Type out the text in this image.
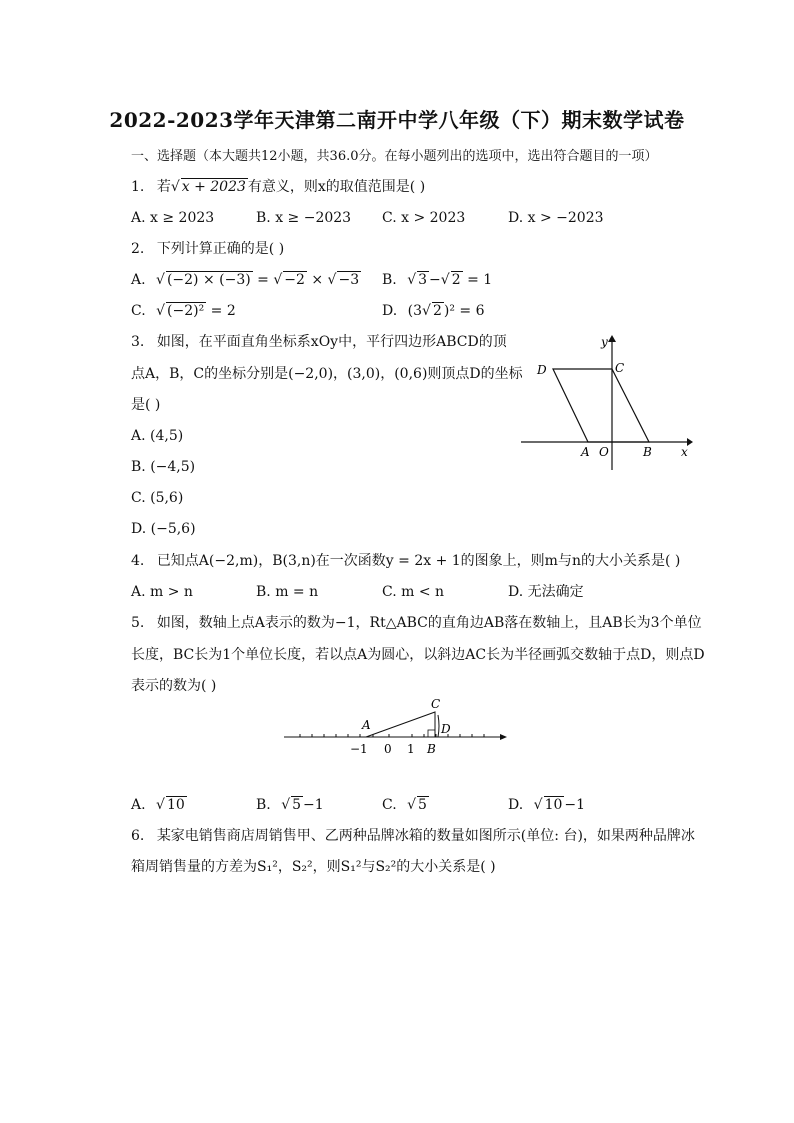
2022-2023学年天津第二南开中学八年级（下）期末数学试卷
一、选择题（本大题共12小题，共36.0分。在每小题列出的选项中，选出符合题目的一项）
1. 若√ x + 2023 有意义，则x的取值范围是( )
A. x ≥ 2023	B. x ≥ −2023 C. x > 2023	D. x > −2023
2. 下列计算正确的是( )
A. √ (−2) × (−3) = √ −2 × √ −3 B. √ 3 −√ 2 = 1
C. √ (−2)² = 2	D. (3√ 2 )² = 6
3. 如图，在平面直角坐标系xOy中，平行四边形ABCD的顶
点A，B，C的坐标分别是(−2,0)，(3,0)，(0,6)则顶点D的坐标
是( )
A. (4,5)
B. (−4,5)
C. (5,6)
D. (−5,6)
y
x
D	C
A O	B
4. 已知点A(−2,m)，B(3,n)在一次函数y = 2x + 1的图象上，则m与n的大小关系是( )
A. m > n	B. m = n	C. m < n	D. 无法确定
5. 如图，数轴上点A表示的数为−1，Rt△ABC的直角边AB落在数轴上，且AB长为3个单位
长度，BC长为1个单位长度，若以点A为圆心，以斜边AC长为半径画弧交数轴于点D，则点D
表示的数为( )
A
C
D
B
−1 0 1
A. √ 10	B. √ 5 −1	C. √ 5	D. √ 10 −1
6. 某家电销售商店周销售甲、乙两种品牌冰箱的数量如图所示(单位: 台)，如果两种品牌冰
箱周销售量的方差为S₁²，S₂²，则S₁²与S₂²的大小关系是( )
